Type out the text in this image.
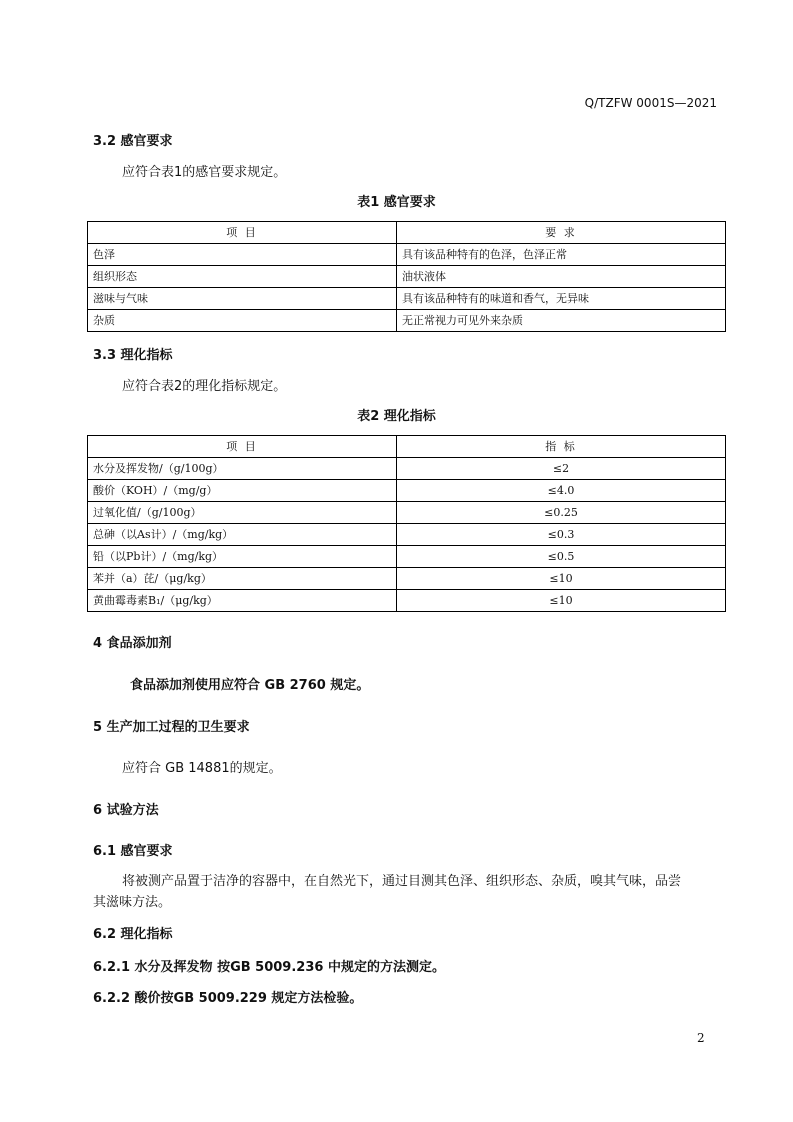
Q/TZFW 0001S—2021
3.2 感官要求
应符合表1的感官要求规定。
表1 感官要求
项 目	要 求
色泽	具有该品种特有的色泽，色泽正常
组织形态	油状液体
滋味与气味	具有该品种特有的味道和香气，无异味
杂质	无正常视力可见外来杂质
3.3 理化指标
应符合表2的理化指标规定。
表2 理化指标
项 目	指 标
水分及挥发物/（g/100g）	≤2
酸价（KOH）/（mg/g）	≤4.0
过氧化值/（g/100g）	≤0.25
总砷（以As计）/（mg/kg）	≤0.3
铅（以Pb计）/（mg/kg）	≤0.5
苯并（a）芘/（μg/kg）	≤10
黄曲霉毒素B₁/（μg/kg）	≤10
4 食品添加剂
食品添加剂使用应符合 GB 2760 规定。
5 生产加工过程的卫生要求
应符合 GB 14881的规定。
6 试验方法
6.1 感官要求
将被测产品置于洁净的容器中，在自然光下，通过目测其色泽、组织形态、杂质，嗅其气味，品尝
其滋味方法。
6.2 理化指标
6.2.1 水分及挥发物 按GB 5009.236 中规定的方法测定。
6.2.2 酸价按GB 5009.229 规定方法检验。
2
